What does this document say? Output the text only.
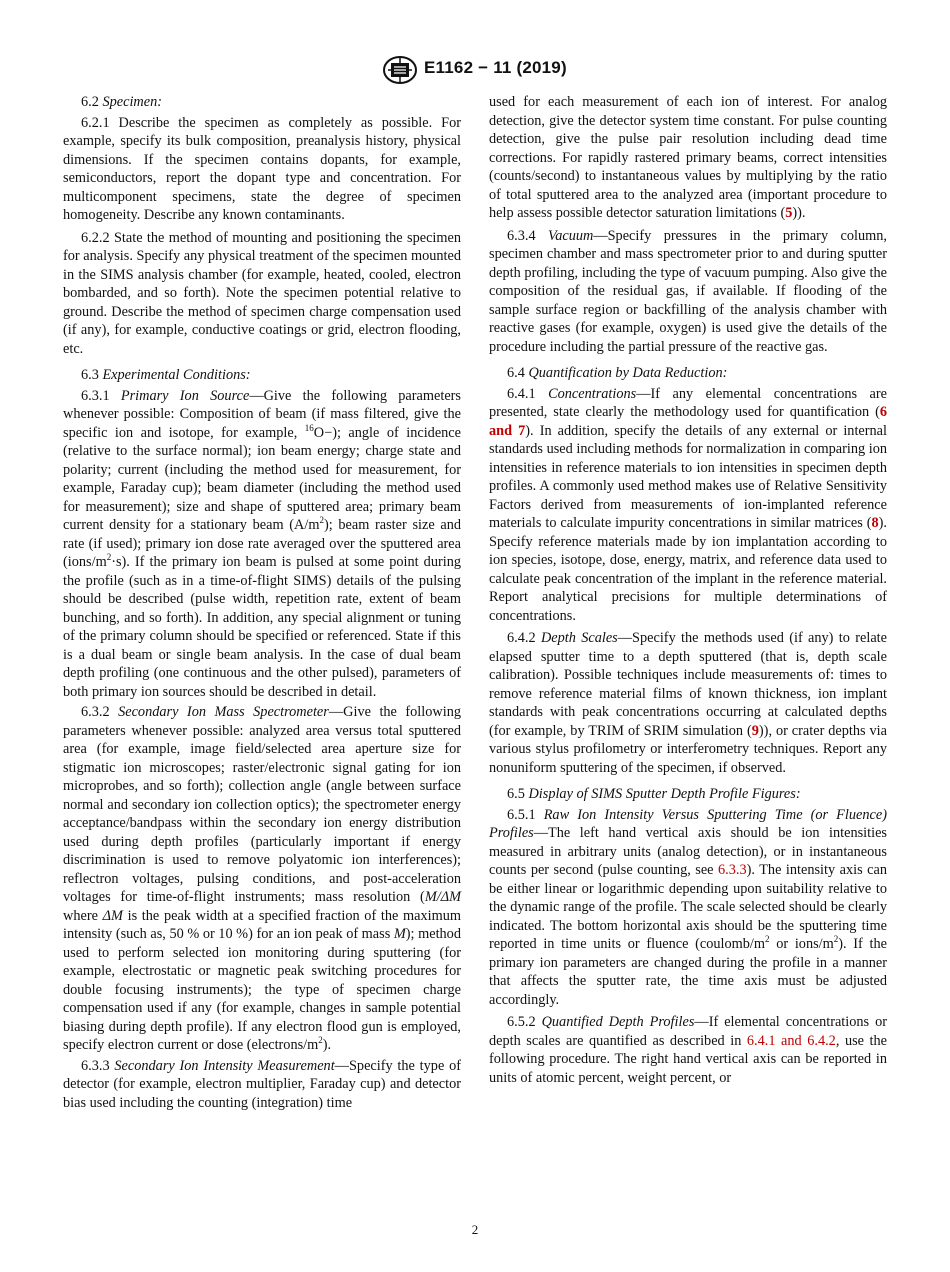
E1162 − 11 (2019)

6.2 Specimen:

6.2.1 Describe the specimen as completely as possible. For example, specify its bulk composition, preanalysis history, physical dimensions. If the specimen contains dopants, for example, semiconductors, report the dopant type and concentration. For multicomponent specimens, state the degree of specimen homogeneity. Describe any known contaminants.

6.2.2 State the method of mounting and positioning the specimen for analysis. Specify any physical treatment of the specimen mounted in the SIMS analysis chamber (for example, heated, cooled, electron bombarded, and so forth). Note the specimen potential relative to ground. Describe the method of specimen charge compensation used (if any), for example, conductive coatings or grid, electron flooding, etc.

6.3 Experimental Conditions:

6.3.1 Primary Ion Source—Give the following parameters whenever possible: Composition of beam (if mass filtered, give the specific ion and isotope, for example, $^{16}$O−); angle of incidence (relative to the surface normal); ion beam energy; charge state and polarity; current (including the method used for measurement, for example, Faraday cup); beam diameter (including the method used for measurement); size and shape of sputtered area; primary beam current density for a stationary beam $(A/m^2)$; beam raster size and rate (if used); primary ion dose rate averaged over the sputtered area $(ions/m^2\cdot s)$. If the primary ion beam is pulsed at some point during the profile (such as in a time-of-flight SIMS) details of the pulsing should be described (pulse width, repetition rate, extent of beam bunching, and so forth). In addition, any special alignment or tuning of the primary column should be specified or referenced. State if this is a dual beam or single beam analysis. In the case of dual beam depth profiling (one continuous and the other pulsed), parameters of both primary ion sources should be described in detail.

6.3.2 Secondary Ion Mass Spectrometer—Give the following parameters whenever possible: analyzed area versus total sputtered area (for example, image field/selected area aperture size for stigmatic ion microscopes; raster/electronic signal gating for ion microprobes, and so forth); collection angle (angle between surface normal and secondary ion collection optics); the spectrometer energy acceptance/bandpass within the secondary ion energy distribution used during depth profiles (particularly important if energy discrimination is used to remove polyatomic ion interferences); reflectron voltages, pulsing conditions, and post-acceleration voltages for time-of-flight instruments; mass resolution (M/ΔM where ΔM is the peak width at a specified fraction of the maximum intensity (such as, 50 % or 10 %) for an ion peak of mass M); method used to perform selected ion monitoring during sputtering (for example, electrostatic or magnetic peak switching procedures for double focusing instruments); the type of specimen charge compensation used if any (for example, changes in sample potential biasing during depth profile). If any electron flood gun is employed, specify electron current or dose $(electrons/m^2)$.

6.3.3 Secondary Ion Intensity Measurement—Specify the type of detector (for example, electron multiplier, Faraday cup) and detector bias used including the counting (integration) time

used for each measurement of each ion of interest. For analog detection, give the detector system time constant. For pulse counting detection, give the pulse pair resolution including dead time corrections. For rapidly rastered primary beams, correct intensities (counts/second) to instantaneous values by multiplying by the ratio of total sputtered area to the analyzed area (important procedure to help assess possible detector saturation limitations (5)).

6.3.4 Vacuum—Specify pressures in the primary column, specimen chamber and mass spectrometer prior to and during sputter depth profiling, including the type of vacuum pumping. Also give the composition of the residual gas, if available. If flooding of the sample surface region or backfilling of the analysis chamber with reactive gases (for example, oxygen) is used give the details of the procedure including the partial pressure of the reactive gas.

6.4 Quantification by Data Reduction:

6.4.1 Concentrations—If any elemental concentrations are presented, state clearly the methodology used for quantification (6 and 7). In addition, specify the details of any external or internal standards used including methods for normalization in comparing ion intensities in reference materials to ion intensities in specimen depth profiles. A commonly used method makes use of Relative Sensitivity Factors derived from measurements of ion-implanted reference materials to calculate impurity concentrations in similar matrices (8). Specify reference materials made by ion implantation according to ion species, isotope, dose, energy, matrix, and reference data used to calculate peak concentration of the implant in the reference material. Report analytical precisions for multiple determinations of concentrations.

6.4.2 Depth Scales—Specify the methods used (if any) to relate elapsed sputter time to a depth sputtered (that is, depth scale calibration). Possible techniques include measurements of: times to remove reference material films of known thickness, ion implant standards with peak concentrations occurring at calculated depths (for example, by TRIM of SRIM simulation (9)), or crater depths via various stylus profilometry or interferometry techniques. Report any nonuniform sputtering of the specimen, if observed.

6.5 Display of SIMS Sputter Depth Profile Figures:

6.5.1 Raw Ion Intensity Versus Sputtering Time (or Fluence) Profiles—The left hand vertical axis should be ion intensities measured in arbitrary units (analog detection), or in instantaneous counts per second (pulse counting, see 6.3.3). The intensity axis can be either linear or logarithmic depending upon suitability relative to the dynamic range of the profile. The scale selected should be clearly indicated. The bottom horizontal axis should be the sputtering time reported in time units or fluence ($coulomb/m^2$ or ions/$m^2$). If the primary ion parameters are changed during the profile in a manner that affects the sputter rate, the time axis must be adjusted accordingly.

6.5.2 Quantified Depth Profiles—If elemental concentrations or depth scales are quantified as described in 6.4.1 and 6.4.2, use the following procedure. The right hand vertical axis can be reported in units of atomic percent, weight percent, or

2
